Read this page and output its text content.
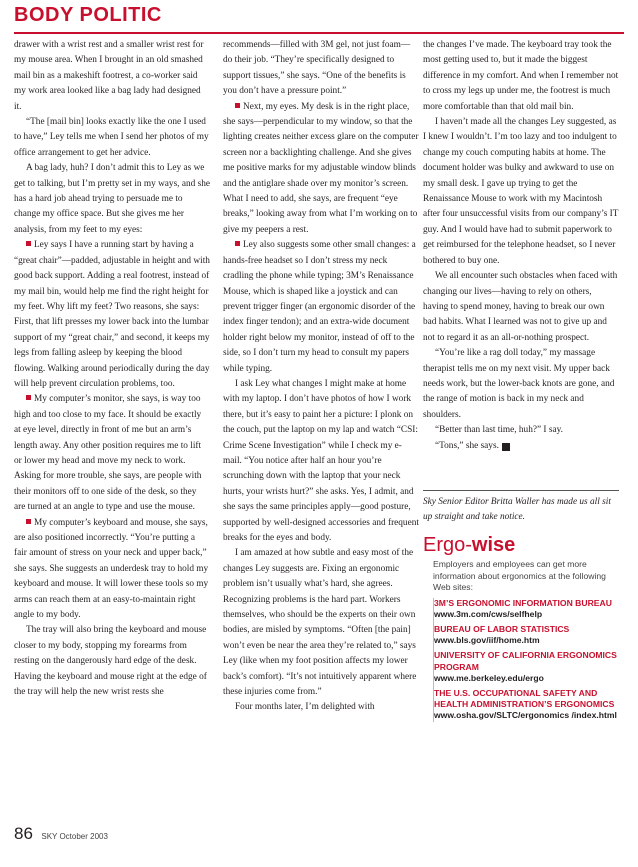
BODY POLITIC

drawer with a wrist rest and a smaller wrist rest for my mouse area. When I brought in an old smashed mail bin as a makeshift footrest, a co-worker said my work area looked like a bag lady had designed it.

“The [mail bin] looks exactly like the one I used to have,” Ley tells me when I send her photos of my office arrangement to get her advice.

A bag lady, huh? I don’t admit this to Ley as we get to talking, but I’m pretty set in my ways, and she has a hard job ahead trying to persuade me to change my office space. But she gives me her analysis, from my feet to my eyes:

Ley says I have a running start by having a “great chair”—padded, adjustable in height and with good back support. Adding a real footrest, instead of my mail bin, would help me find the right height for my feet. Why lift my feet? Two reasons, she says: First, that lift presses my lower back into the lumbar support of my “great chair,” and second, it keeps my legs from falling asleep by keeping the blood flowing. Walking around periodically during the day will help prevent circulation problems, too.

My computer’s monitor, she says, is way too high and too close to my face. It should be exactly at eye level, directly in front of me but an arm’s length away. Any other position requires me to lift or lower my head and move my neck to work. Asking for more trouble, she says, are people with their monitors off to one side of the desk, so they are turned at an angle to type and use the mouse.

My computer’s keyboard and mouse, she says, are also positioned incorrectly. “You’re putting a fair amount of stress on your neck and upper back,” she says. She suggests an underdesk tray to hold my keyboard and mouse. It will lower these tools so my arms can reach them at an easy-to-maintain right angle to my body.

The tray will also bring the keyboard and mouse closer to my body, stopping my forearms from resting on the dangerously hard edge of the desk. Having the keyboard and mouse right at the edge of the tray will help the new wrist rests she

recommends—filled with 3M gel, not just foam—do their job. “They’re specifically designed to support tissues,” she says. “One of the benefits is you don’t have a pressure point.”

Next, my eyes. My desk is in the right place, she says—perpendicular to my window, so that the lighting creates neither excess glare on the computer screen nor a backlighting challenge. And she gives me positive marks for my adjustable window blinds and the antiglare shade over my monitor’s screen. What I need to add, she says, are frequent “eye breaks,” looking away from what I’m working on to give my peepers a rest.

Ley also suggests some other small changes: a hands-free headset so I don’t stress my neck cradling the phone while typing; 3M’s Renaissance Mouse, which is shaped like a joystick and can prevent trigger finger (an ergonomic disorder of the index finger tendon); and an extra-wide document holder right below my monitor, instead of off to the side, so I don’t turn my head to consult my papers while typing.

I ask Ley what changes I might make at home with my laptop. I don’t have photos of how I work there, but it’s easy to paint her a picture: I plonk on the couch, put the laptop on my lap and watch “CSI: Crime Scene Investigation” while I check my e-mail. “You notice after half an hour you’re scrunching down with the laptop that your neck hurts, your wrists hurt?” she asks. Yes, I admit, and she says the same principles apply—good posture, supported by well-designed accessories and frequent breaks for the eyes and body.

I am amazed at how subtle and easy most of the changes Ley suggests are. Fixing an ergonomic problem isn’t usually what’s hard, she agrees. Recognizing problems is the hard part. Workers themselves, who should be the experts on their own bodies, are misled by symptoms. “Often [the pain] won’t even be near the area they’re related to,” says Ley (like when my foot position affects my lower back’s comfort). “It’s not intuitively apparent where these injuries come from.”

Four months later, I’m delighted with

the changes I’ve made. The keyboard tray took the most getting used to, but it made the biggest difference in my comfort. And when I remember not to cross my legs up under me, the footrest is much more comfortable than that old mail bin.

I haven’t made all the changes Ley suggested, as I knew I wouldn’t. I’m too lazy and too indulgent to change my couch computing habits at home. The document holder was bulky and awkward to use on my small desk. I gave up trying to get the Renaissance Mouse to work with my Macintosh after four unsuccessful visits from our company’s IT guy. And I would have had to submit paperwork to get reimbursed for the telephone headset, so I never bothered to buy one.

We all encounter such obstacles when faced with changing our lives—having to rely on others, having to spend money, having to break our own bad habits. What I learned was not to give up and not to regard it as an all-or-nothing prospect.

“You’re like a rag doll today,” my massage therapist tells me on my next visit. My upper back needs work, but the lower-back knots are gone, and the range of motion is back in my neck and shoulders.

“Better than last time, huh?” I say.

“Tons,” she says. +

Sky Senior Editor Britta Waller has made us all sit up straight and take notice.
Ergo-wise
Employers and employees can get more information about ergonomics at the following Web sites:
3M’S ERGONOMIC INFORMATION BUREAU
www.3m.com/cws/selfhelp
BUREAU OF LABOR STATISTICS
www.bls.gov/iif/home.htm
UNIVERSITY OF CALIFORNIA ERGONOMICS PROGRAM
www.me.berkeley.edu/ergo
THE U.S. OCCUPATIONAL SAFETY AND HEALTH ADMINISTRATION’S ERGONOMICS
www.osha.gov/SLTC/ergonomics /index.html
86 SKY October 2003
